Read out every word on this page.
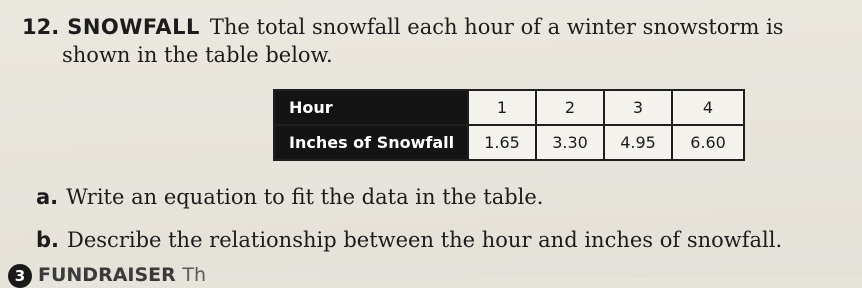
12. SNOWFALL The total snowfall each hour of a winter snowstorm is
shown in the table below.
Hour	1	2	3	4
Inches of Snowfall	1.65	3.30	4.95	6.60
a. Write an equation to fit the data in the table.
b. Describe the relationship between the hour and inches of snowfall.
3 FUNDRAISER Th
